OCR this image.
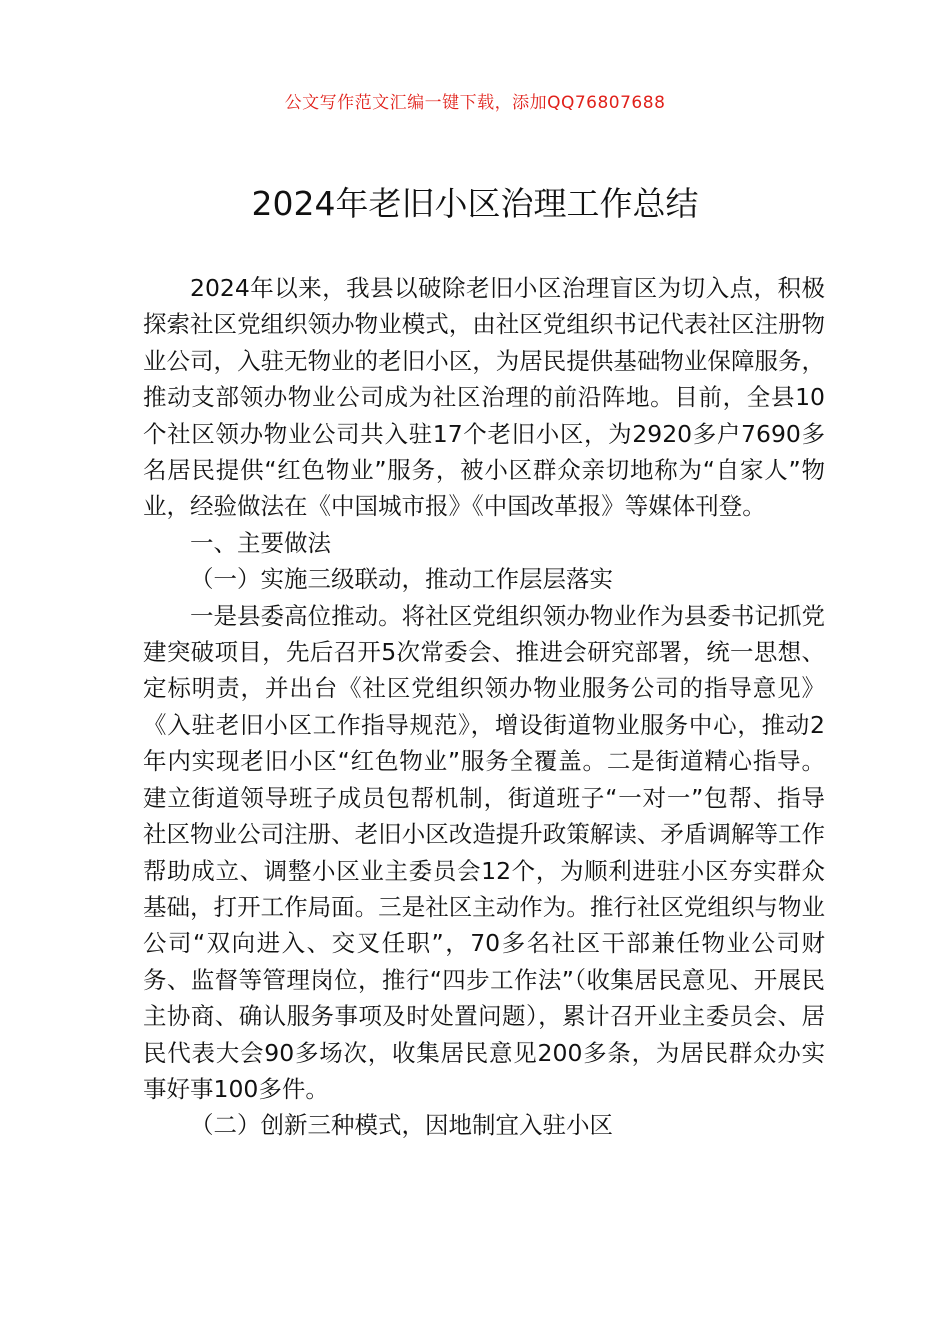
公文写作范文汇编一键下载，添加QQ76807688
2024年老旧小区治理工作总结

2024年以来，我县以破除老旧小区治理盲区为切入点，积极探索社区党组织领办物业模式，由社区党组织书记代表社区注册物业公司，入驻无物业的老旧小区，为居民提供基础物业保障服务，推动支部领办物业公司成为社区治理的前沿阵地。目前，全县10个社区领办物业公司共入驻17个老旧小区，为2920多户7690多名居民提供“红色物业”服务，被小区群众亲切地称为“自家人”物业，经验做法在《中国城市报》《中国改革报》等媒体刊登。

一、主要做法

（一）实施三级联动，推动工作层层落实

一是县委高位推动。将社区党组织领办物业作为县委书记抓党建突破项目，先后召开5次常委会、推进会研究部署，统一思想、定标明责，并出台《社区党组织领办物业服务公司的指导意见》《入驻老旧小区工作指导规范》，增设街道物业服务中心，推动2年内实现老旧小区“红色物业”服务全覆盖。二是街道精心指导。建立街道领导班子成员包帮机制，街道班子“一对一”包帮、指导社区物业公司注册、老旧小区改造提升政策解读、矛盾调解等工作帮助成立、调整小区业主委员会12个，为顺利进驻小区夯实群众基础，打开工作局面。三是社区主动作为。推行社区党组织与物业公司“双向进入、交叉任职”，70多名社区干部兼任物业公司财务、监督等管理岗位，推行“四步工作法”（收集居民意见、开展民主协商、确认服务事项及时处置问题），累计召开业主委员会、居民代表大会90多场次，收集居民意见200多条，为居民群众办实事好事100多件。

（二）创新三种模式，因地制宜入驻小区
